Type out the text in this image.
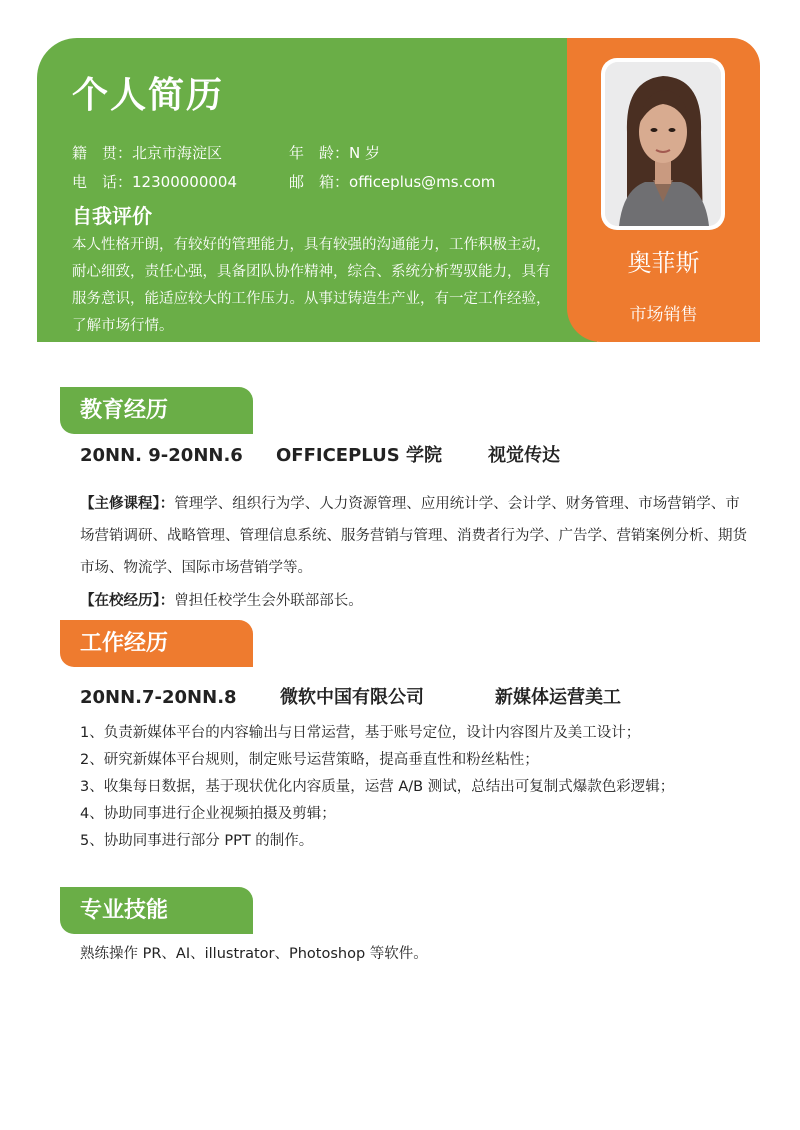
个人简历
籍　贯：北京市海淀区	年　龄：N 岁
电　话：12300000004	邮　箱：officeplus@ms.com
自我评价
本人性格开朗，有较好的管理能力，具有较强的沟通能力，工作积极主动，耐心细致，责任心强，具备团队协作精神，综合、系统分析驾驭能力，具有服务意识，能适应较大的工作压力。从事过铸造生产业，有一定工作经验，了解市场行情。
奥菲斯
市场销售
教育经历
20NN. 9-20NN.6 OFFICEPLUS 学院	视觉传达
【主修课程】：管理学、组织行为学、人力资源管理、应用统计学、会计学、财务管理、市场营销学、市场营销调研、战略管理、管理信息系统、服务营销与管理、消费者行为学、广告学、营销案例分析、期货市场、物流学、国际市场营销学等。
【在校经历】：曾担任校学生会外联部部长。
工作经历
20NN.7-20NN.8 微软中国有限公司	新媒体运营美工
1、负责新媒体平台的内容输出与日常运营，基于账号定位，设计内容图片及美工设计；
2、研究新媒体平台规则，制定账号运营策略，提高垂直性和粉丝粘性；
3、收集每日数据，基于现状优化内容质量，运营 A/B 测试，总结出可复制式爆款色彩逻辑；
4、协助同事进行企业视频拍摄及剪辑；
5、协助同事进行部分 PPT 的制作。
专业技能
熟练操作 PR、AI、illustrator、Photoshop 等软件。
